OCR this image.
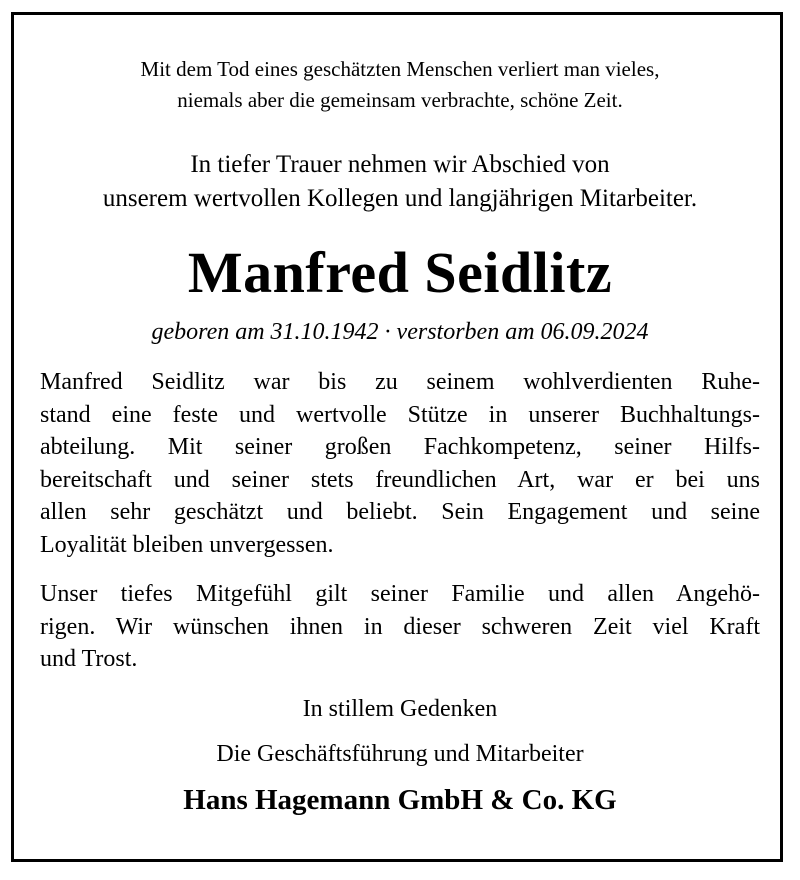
Mit dem Tod eines geschätzten Menschen verliert man vieles,
niemals aber die gemeinsam verbrachte, schöne Zeit.
In tiefer Trauer nehmen wir Abschied von
unserem wertvollen Kollegen und langjährigen Mitarbeiter.
Manfred Seidlitz
geboren am 31.10.1942 · verstorben am 06.09.2024
Manfred Seidlitz war bis zu seinem wohlverdienten Ruhe-
stand eine feste und wertvolle Stütze in unserer Buchhaltungs-
abteilung. Mit seiner großen Fachkompetenz, seiner Hilfs-
bereitschaft und seiner stets freundlichen Art, war er bei uns
allen sehr geschätzt und beliebt. Sein Engagement und seine
Loyalität bleiben unvergessen.
Unser tiefes Mitgefühl gilt seiner Familie und allen Angehö-
rigen. Wir wünschen ihnen in dieser schweren Zeit viel Kraft
und Trost.
In stillem Gedenken
Die Geschäftsführung und Mitarbeiter
Hans Hagemann GmbH & Co. KG
